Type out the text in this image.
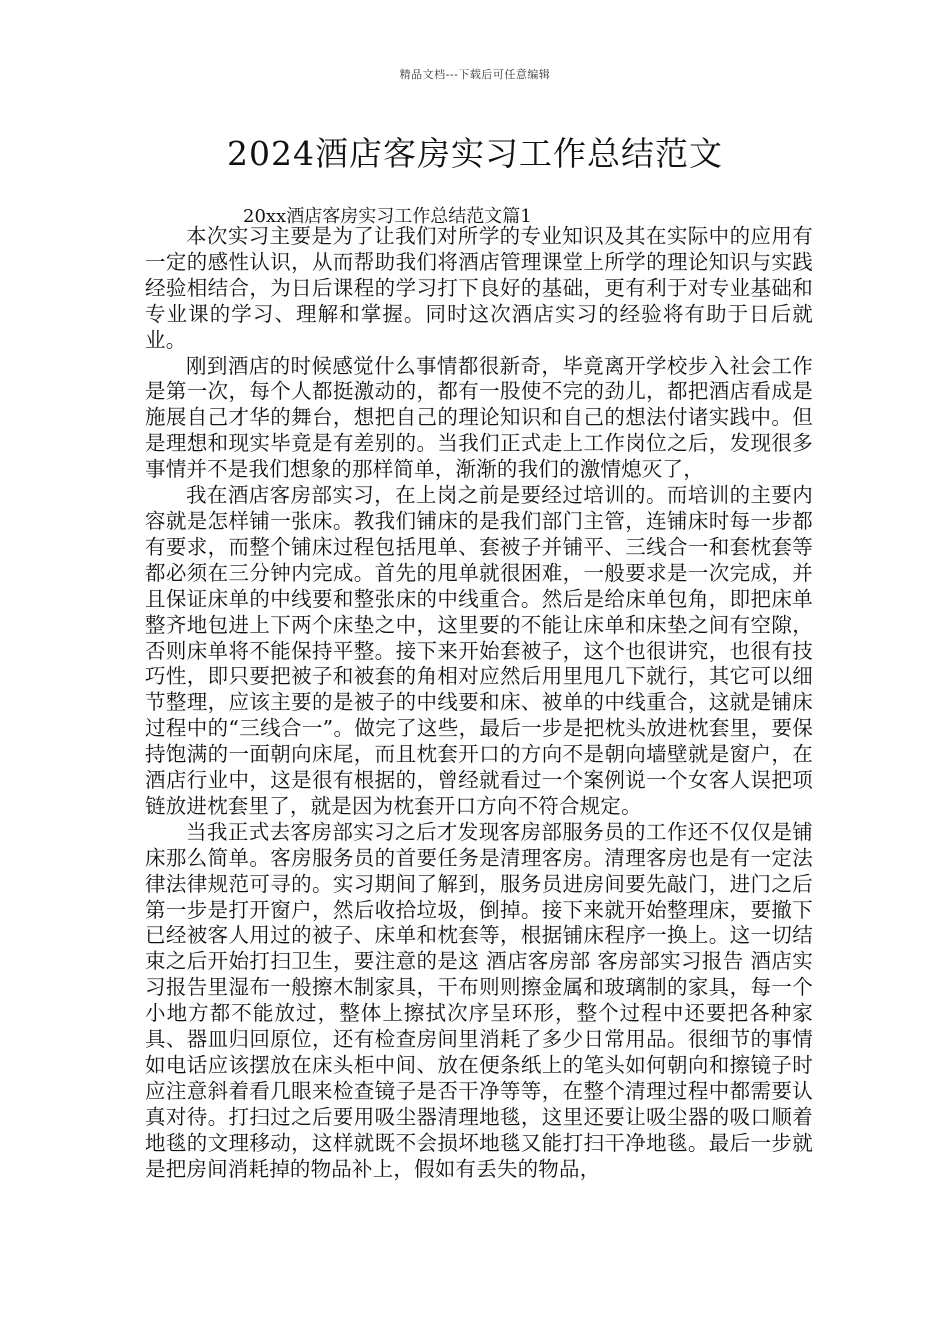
精品文档---下载后可任意编辑
2024酒店客房实习工作总结范文
20xx酒店客房实习工作总结范文篇1

本次实习主要是为了让我们对所学的专业知识及其在实际中的应用有一定的感性认识，从而帮助我们将酒店管理课堂上所学的理论知识与实践经验相结合，为日后课程的学习打下良好的基础，更有利于对专业基础和专业课的学习、理解和掌握。同时这次酒店实习的经验将有助于日后就业。

刚到酒店的时候感觉什么事情都很新奇，毕竟离开学校步入社会工作是第一次，每个人都挺激动的，都有一股使不完的劲儿，都把酒店看成是施展自己才华的舞台，想把自己的理论知识和自己的想法付诸实践中。但是理想和现实毕竟是有差别的。当我们正式走上工作岗位之后，发现很多事情并不是我们想象的那样简单，渐渐的我们的激情熄灭了，

我在酒店客房部实习，在上岗之前是要经过培训的。而培训的主要内容就是怎样铺一张床。教我们铺床的是我们部门主管，连铺床时每一步都有要求，而整个铺床过程包括甩单、套被子并铺平、三线合一和套枕套等都必须在三分钟内完成。首先的甩单就很困难，一般要求是一次完成，并且保证床单的中线要和整张床的中线重合。然后是给床单包角，即把床单整齐地包进上下两个床垫之中，这里要的不能让床单和床垫之间有空隙，否则床单将不能保持平整。接下来开始套被子，这个也很讲究，也很有技巧性，即只要把被子和被套的角相对应然后用里甩几下就行，其它可以细节整理，应该主要的是被子的中线要和床、被单的中线重合，这就是铺床过程中的“三线合一”。做完了这些，最后一步是把枕头放进枕套里，要保持饱满的一面朝向床尾，而且枕套开口的方向不是朝向墙壁就是窗户，在酒店行业中，这是很有根据的，曾经就看过一个案例说一个女客人误把项链放进枕套里了，就是因为枕套开口方向不符合规定。

当我正式去客房部实习之后才发现客房部服务员的工作还不仅仅是铺床那么简单。客房服务员的首要任务是清理客房。清理客房也是有一定法律法律规范可寻的。实习期间了解到，服务员进房间要先敲门，进门之后第一步是打开窗户，然后收拾垃圾，倒掉。接下来就开始整理床，要撤下已经被客人用过的被子、床单和枕套等，根据铺床程序一换上。这一切结束之后开始打扫卫生，要注意的是这 酒店客房部 客房部实习报告 酒店实习报告里湿布一般擦木制家具，干布则则擦金属和玻璃制的家具，每一个小地方都不能放过，整体上擦拭次序呈环形，整个过程中还要把各种家具、器皿归回原位，还有检查房间里消耗了多少日常用品。很细节的事情如电话应该摆放在床头柜中间、放在便条纸上的笔头如何朝向和擦镜子时应注意斜着看几眼来检查镜子是否干净等等，在整个清理过程中都需要认真对待。打扫过之后要用吸尘器清理地毯，这里还要让吸尘器的吸口顺着地毯的文理移动，这样就既不会损坏地毯又能打扫干净地毯。最后一步就是把房间消耗掉的物品补上，假如有丢失的物品，
